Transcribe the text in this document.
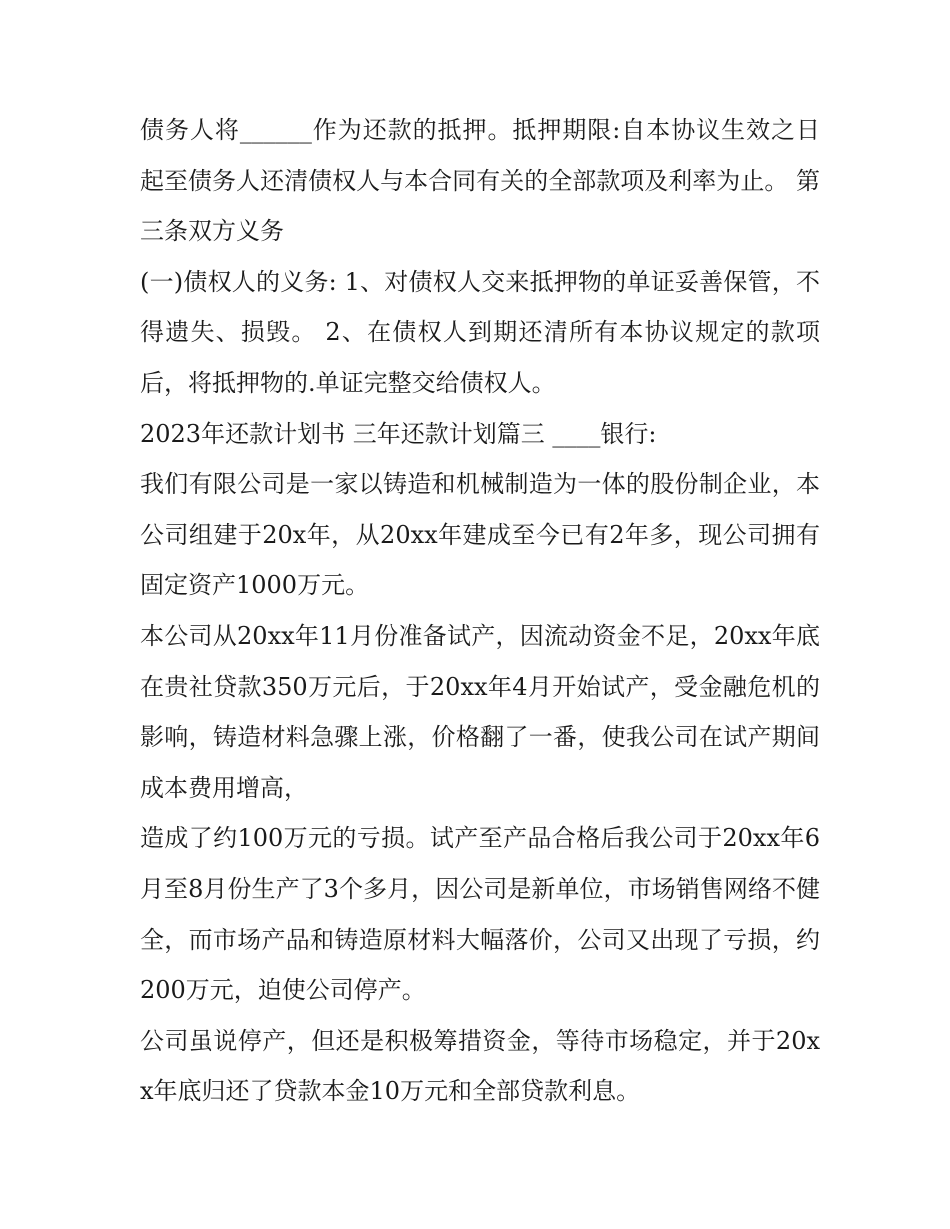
债务人将______作为还款的抵押。抵押期限:自本协议生效之日起至债务人还清债权人与本合同有关的全部款项及利率为止。 第三条双方义务

(一)债权人的义务: 1、对债权人交来抵押物的单证妥善保管，不得遗失、损毁。 2、在债权人到期还清所有本协议规定的款项后，将抵押物的.单证完整交给债权人。

2023年还款计划书 三年还款计划篇三 ____银行:

我们有限公司是一家以铸造和机械制造为一体的股份制企业，本公司组建于20x年，从20xx年建成至今已有2年多，现公司拥有固定资产1000万元。

本公司从20xx年11月份准备试产，因流动资金不足，20xx年底在贵社贷款350万元后，于20xx年4月开始试产，受金融危机的影响，铸造材料急骤上涨，价格翻了一番，使我公司在试产期间成本费用增高，

造成了约100万元的亏损。试产至产品合格后我公司于20xx年6月至8月份生产了3个多月，因公司是新单位，市场销售网络不健全，而市场产品和铸造原材料大幅落价，公司又出现了亏损，约200万元，迫使公司停产。

公司虽说停产，但还是积极筹措资金，等待市场稳定，并于20xx年底归还了贷款本金10万元和全部贷款利息。
